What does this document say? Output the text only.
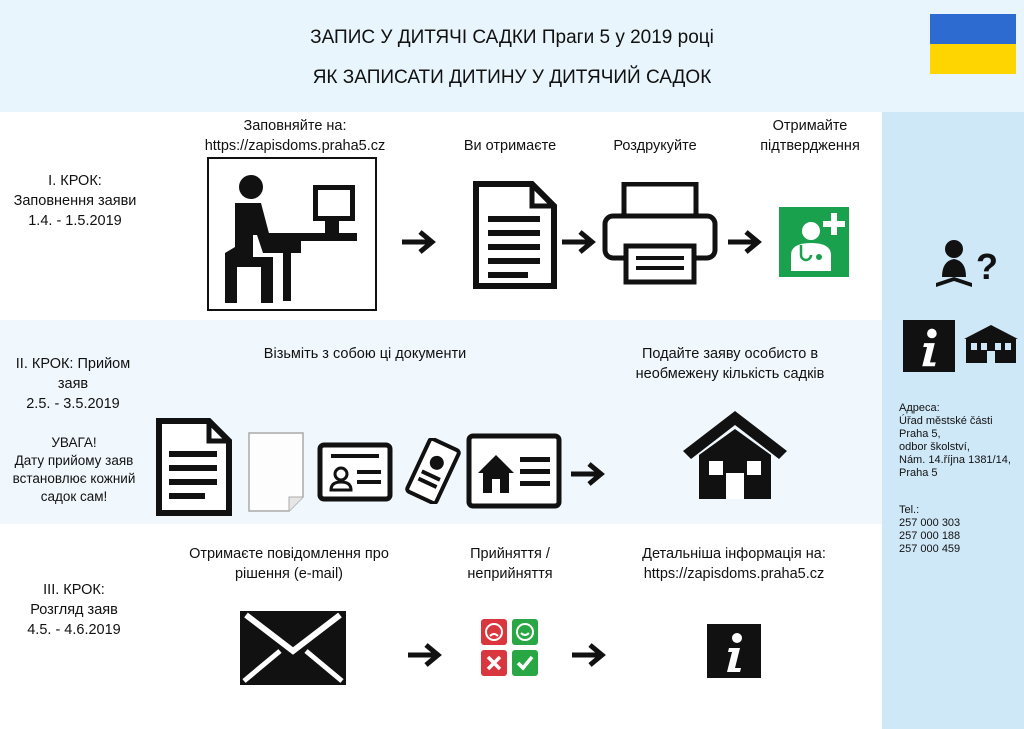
ЗАПИС У ДИТЯЧІ САДКИ Праги 5 у 2019 році
ЯК ЗАПИСАТИ ДИТИНУ У ДИТЯЧИЙ САДОК
I. КРОК:
Заповнення заяви
1.4. - 1.5.2019
Заповняйте на:
https://zapisdoms.praha5.cz	Ви отримаєте	Роздрукуйте
Отримайте
підтвердження
II. КРОК: Прийом
заяв
2.5. - 3.5.2019
УВАГА!
Дату прийому заяв
встановлює кожний
садок сам!
Візьміть з собою ці документи	Подайте заяву особисто в
необмежену кількість садків
III. КРОК:
Розгляд заяв
4.5. - 4.6.2019
Отримаєте повідомлення про
рішення (e-mail)
Прийняття /
неприйняття
Детальніша інформація на:
https://zapisdoms.praha5.cz
?
Адреса:
Úřad městské části
Praha 5,
odbor školství,
Nám. 14.října 1381/14,
Praha 5
Tel.:
257 000 303
257 000 188
257 000 459
